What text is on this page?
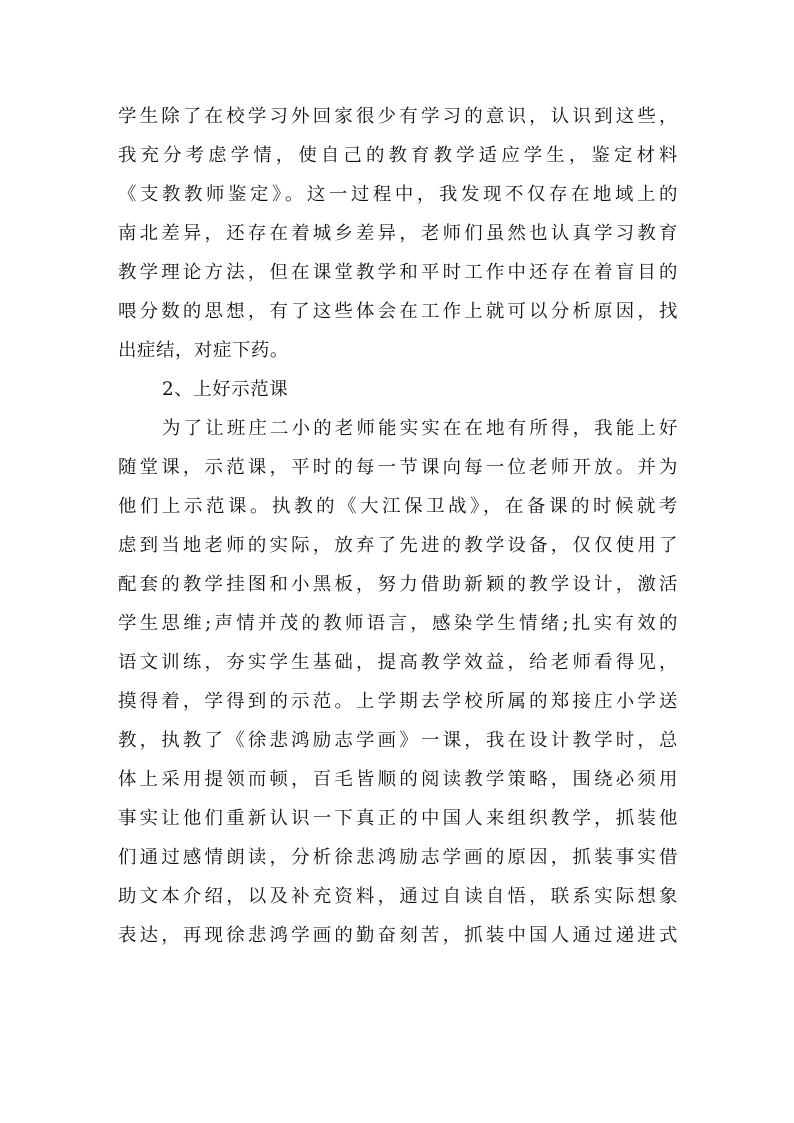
学生除了在校学习外回家很少有学习的意识，认识到这些，
我充分考虑学情，使自己的教育教学适应学生，鉴定材料
《支教教师鉴定》。这一过程中，我发现不仅存在地域上的
南北差异，还存在着城乡差异，老师们虽然也认真学习教育
教学理论方法，但在课堂教学和平时工作中还存在着盲目的
喂分数的思想，有了这些体会在工作上就可以分析原因，找
出症结，对症下药。
2、上好示范课
为了让班庄二小的老师能实实在在地有所得，我能上好
随堂课，示范课，平时的每一节课向每一位老师开放。并为
他们上示范课。执教的《大江保卫战》，在备课的时候就考
虑到当地老师的实际，放弃了先进的教学设备，仅仅使用了
配套的教学挂图和小黑板，努力借助新颖的教学设计，激活
学生思维;声情并茂的教师语言，感染学生情绪;扎实有效的
语文训练，夯实学生基础，提高教学效益，给老师看得见，
摸得着，学得到的示范。上学期去学校所属的郑接庄小学送
教，执教了《徐悲鸿励志学画》一课，我在设计教学时，总
体上采用提领而顿，百毛皆顺的阅读教学策略，围绕必须用
事实让他们重新认识一下真正的中国人来组织教学，抓装他
们通过感情朗读，分析徐悲鸿励志学画的原因，抓装事实借
助文本介绍，以及补充资料，通过自读自悟，联系实际想象
表达，再现徐悲鸿学画的勤奋刻苦，抓装中国人通过递进式
